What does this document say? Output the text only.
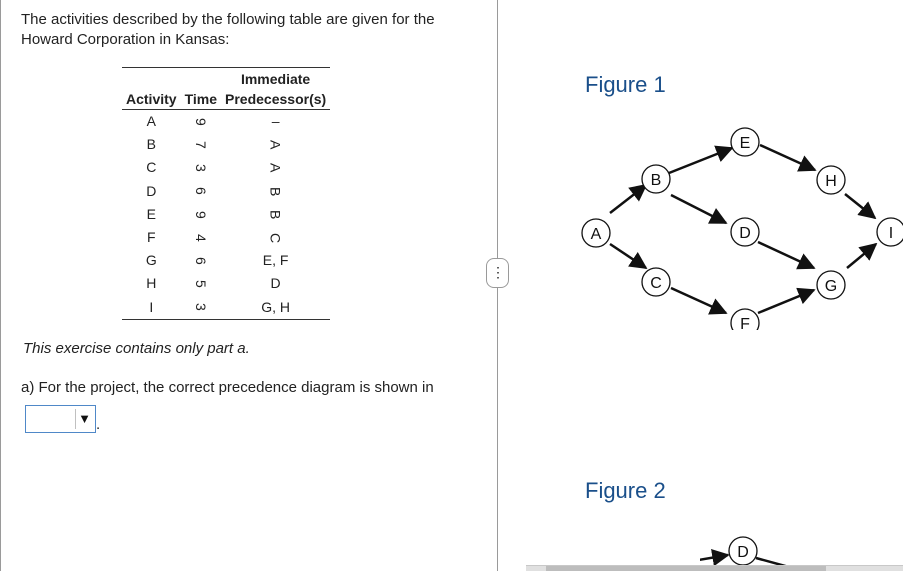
The activities described by the following table are given for the Howard Corporation in Kansas:
		Immediate
Activity	Time	Predecessor(s)
A	9	–
B	7	A
C	3	A
D	6	B
E	9	B
F	4	C
G	6	E, F
H	5	D
I	3	G, H
This exercise contains only part a.
a) For the project, the correct precedence diagram is shown in
▼ .
⋮
Figure 1
A
B
C
D
E
F
G
H
I
Figure 2
D
